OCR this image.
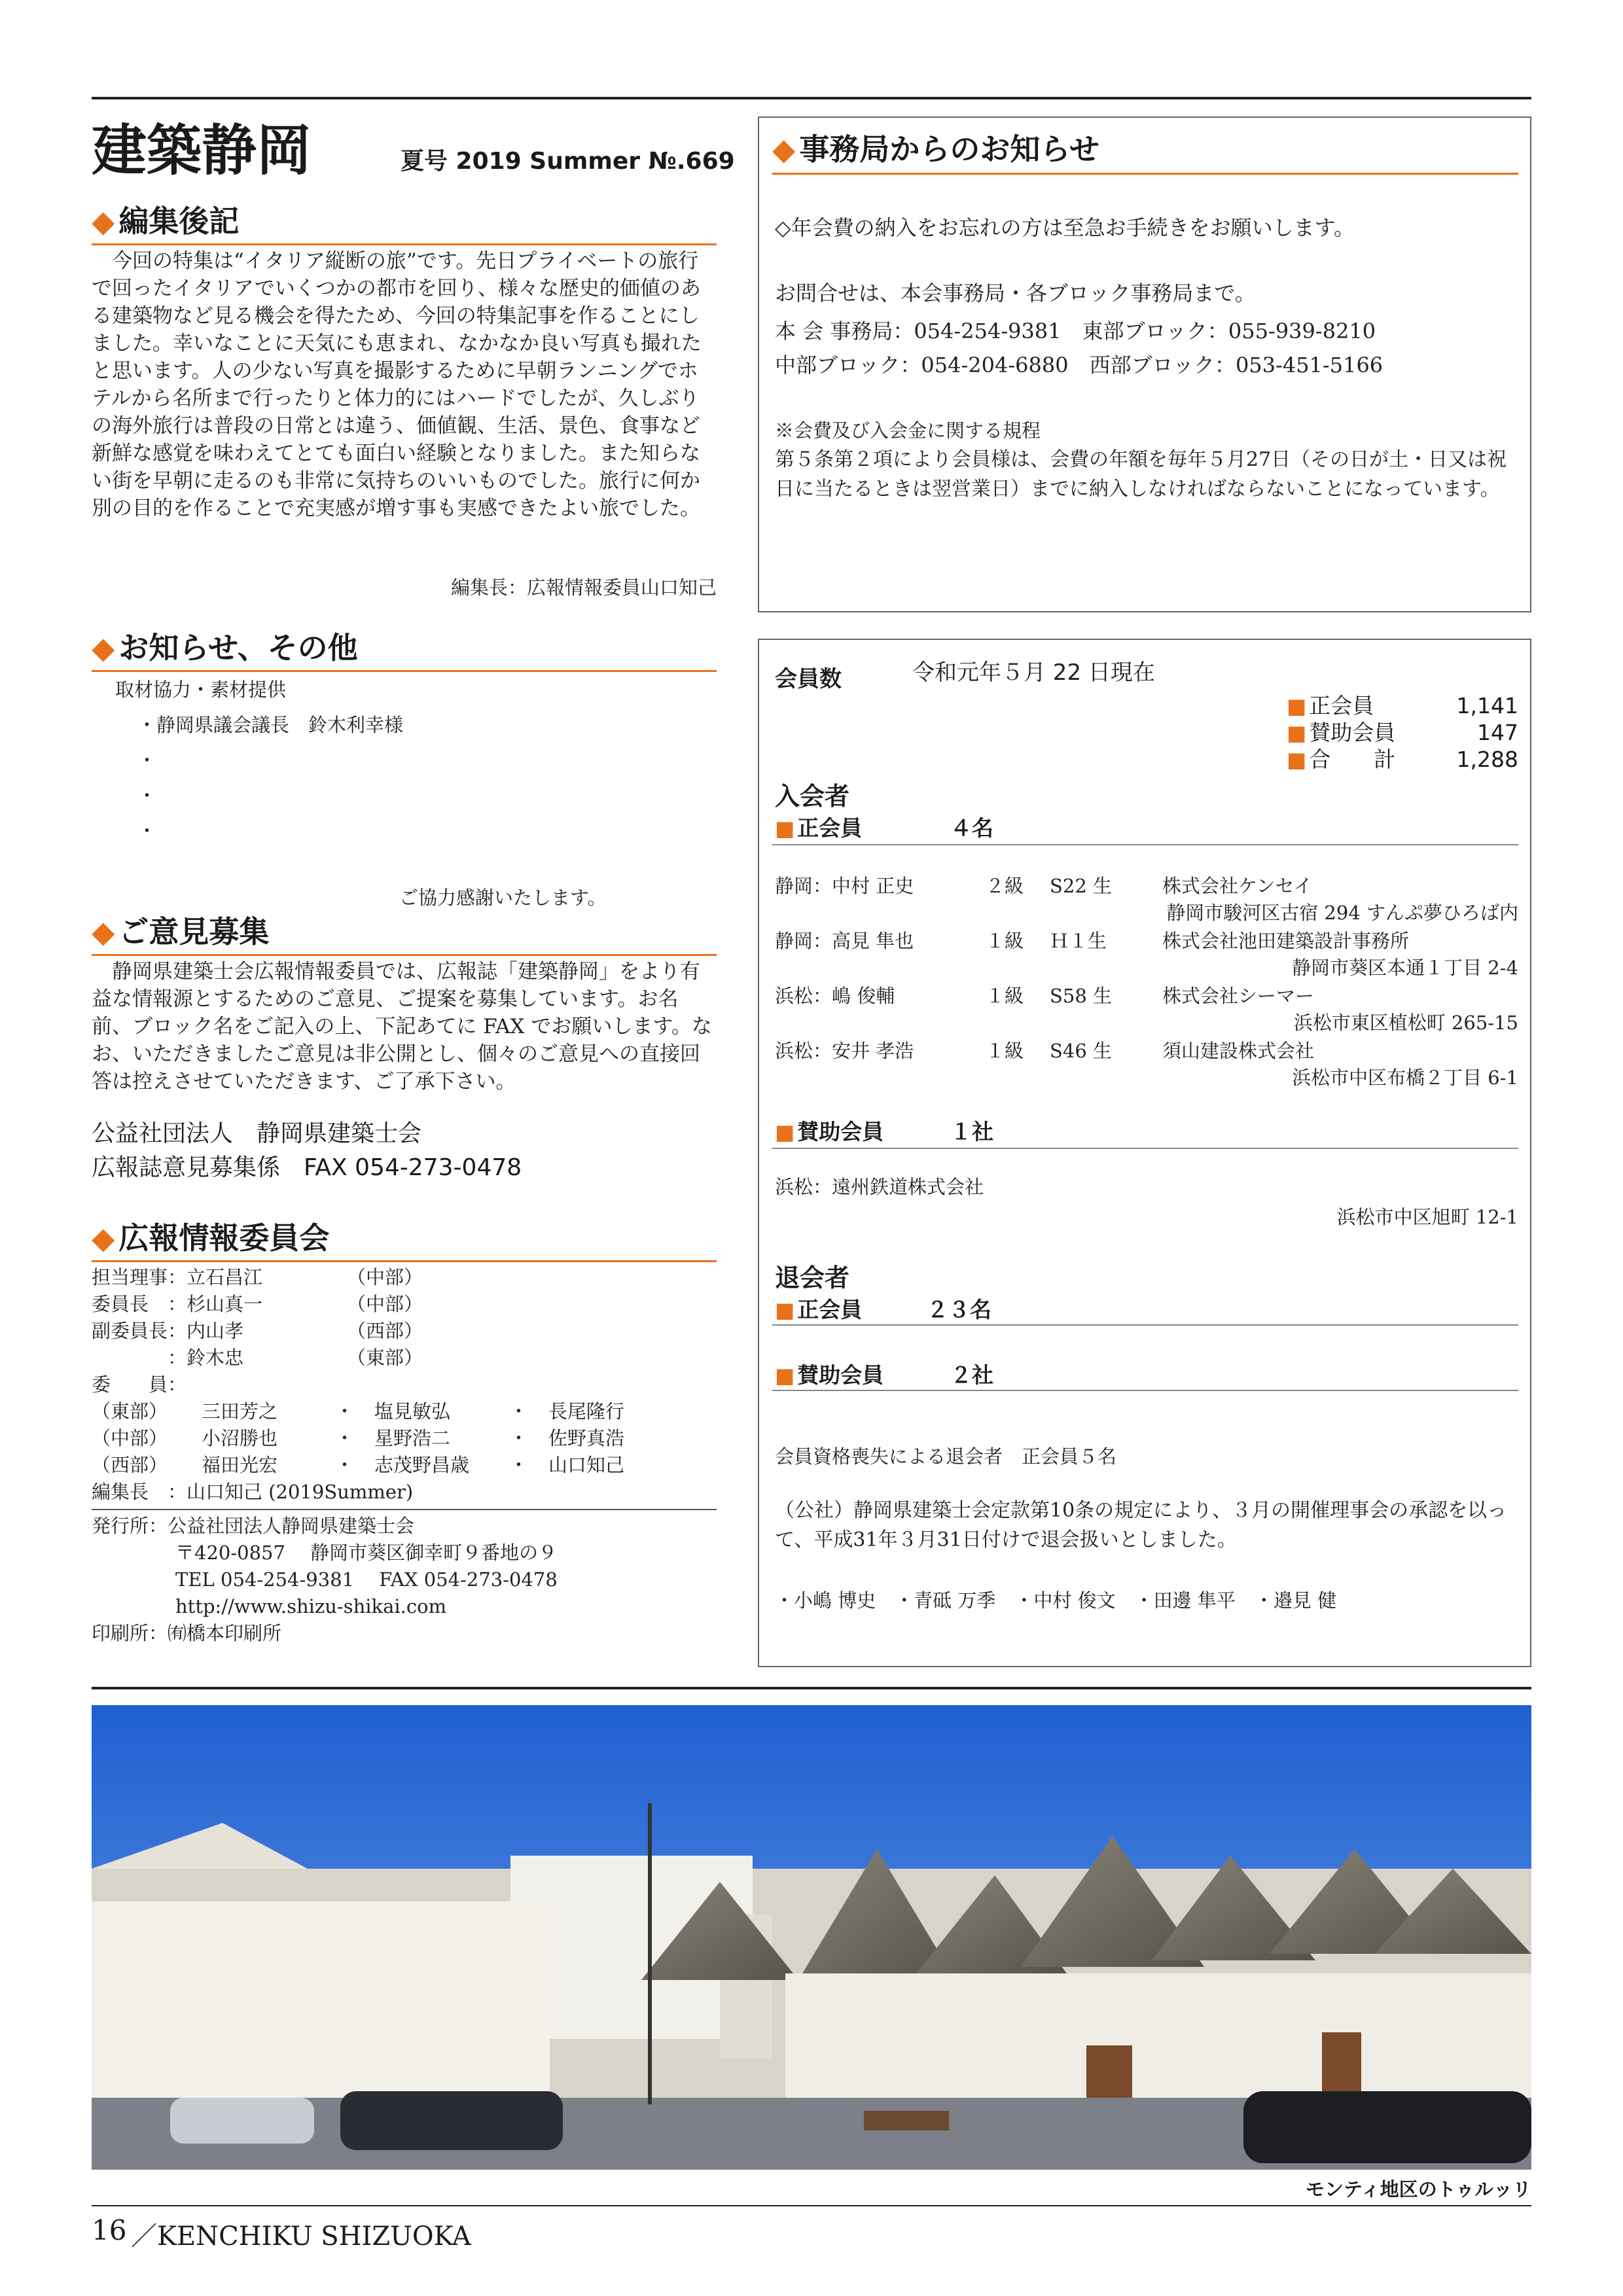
建築静岡	夏号 2019 Summer №.669
◆ 編集後記
今回の特集は“イタリア縦断の旅”です。先日プライベートの旅行で回ったイタリアでいくつかの都市を回り、様々な歴史的価値のある建築物など見る機会を得たため、今回の特集記事を作ることにしました。幸いなことに天気にも恵まれ、なかなか良い写真も撮れたと思います。人の少ない写真を撮影するために早朝ランニングでホテルから名所まで行ったりと体力的にはハードでしたが、久しぶりの海外旅行は普段の日常とは違う、価値観、生活、景色、食事など新鮮な感覚を味わえてとても面白い経験となりました。また知らない街を早朝に走るのも非常に気持ちのいいものでした。旅行に何か別の目的を作ることで充実感が増す事も実感できたよい旅でした。
編集長：広報情報委員山口知己
◆ お知らせ、その他
取材協力・素材提供
・静岡県議会議長　鈴木利幸様
・
・
・
ご協力感謝いたします。
◆ ご意見募集
静岡県建築士会広報情報委員では、広報誌「建築静岡」をより有益な情報源とするためのご意見、ご提案を募集しています。お名前、ブロック名をご記入の上、下記あてに FAX でお願いします。なお、いただきましたご意見は非公開とし、個々のご意見への直接回答は控えさせていただきます、ご了承下さい。
公益社団法人　静岡県建築士会
広報誌意見募集係　FAX 054-273-0478
◆ 広報情報委員会
担当理事：立石昌江	（中部）
委員長　：杉山真一	（中部）
副委員長：内山孝	（西部）
　　　　：鈴木忠	（東部）
委　　員：
（東部） 三田芳之	・ 塩見敏弘	・ 長尾隆行
（中部） 小沼勝也	・ 星野浩二	・ 佐野真浩
（西部） 福田光宏	・ 志茂野昌歳 ・ 山口知己
編集長　：山口知己 (2019Summer)
発行所：公益社団法人静岡県建築士会
〒420-0857　 静岡市葵区御幸町９番地の９
TEL 054-254-9381　 FAX 054-273-0478
http://www.shizu-shikai.com
印刷所：㈲橋本印刷所
◆ 事務局からのお知らせ
◇年会費の納入をお忘れの方は至急お手続きをお願いします。
お問合せは、本会事務局・各ブロック事務局まで。
本 会 事務局：054-254-9381　東部ブロック：055-939-8210
中部ブロック：054-204-6880　西部ブロック：053-451-5166
※会費及び入会金に関する規程
第５条第２項により会員様は、会費の年額を毎年５月27日（その日が土・日又は祝日に当たるときは翌営業日）までに納入しなければならないことになっています。
会員数	令和元年５月 22 日現在
■ 正会員	1,141
■ 賛助会員	147
■ 合　　計	1,288
入会者
■ 正会員	４名
静岡：中村 正史	２級 S22 生	株式会社ケンセイ
静岡市駿河区古宿 294 すんぷ夢ひろば内
静岡：高見 隼也	１級 Ｈ１生	株式会社池田建築設計事務所
静岡市葵区本通１丁目 2-4
浜松：嶋 俊輔	１級 S58 生	株式会社シーマー
浜松市東区植松町 265-15
浜松：安井 孝浩	１級 S46 生	須山建設株式会社
浜松市中区布橋２丁目 6-1
■ 賛助会員	１社
浜松：遠州鉄道株式会社
浜松市中区旭町 12-1
退会者
■ 正会員	２３名
■ 賛助会員	２社
会員資格喪失による退会者　正会員５名
（公社）静岡県建築士会定款第10条の規定により、３月の開催理事会の承認を以って、平成31年３月31日付けで退会扱いとしました。
・小嶋 博史　・青砥 万季　・中村 俊文　・田邊 隼平　・邉見 健
モンティ地区のトゥルッリ
16 ／KENCHIKU SHIZUOKA
